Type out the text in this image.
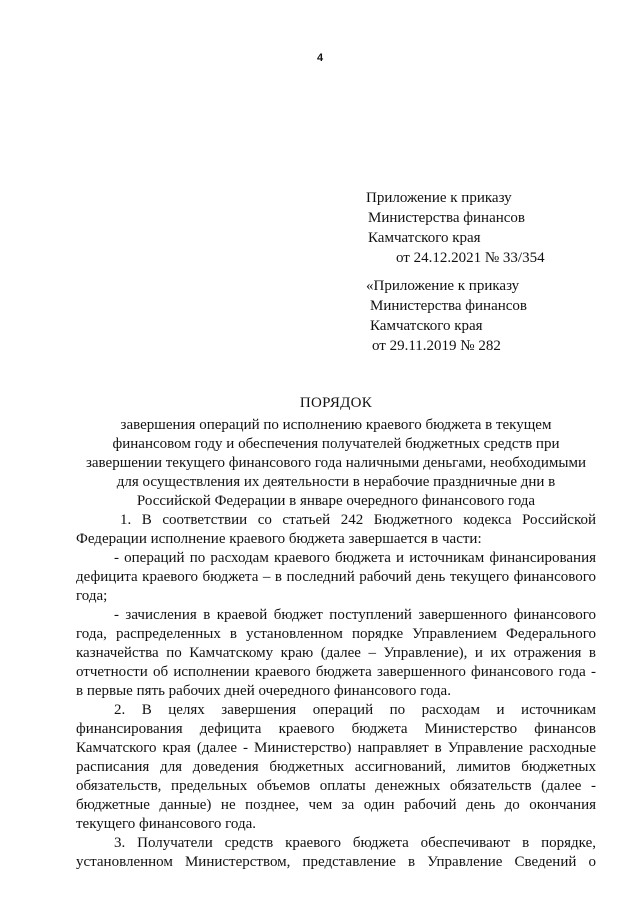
4
Приложение к приказу
Министерства финансов
Камчатского края
от 24.12.2021 № 33/354
«Приложение к приказу
Министерства финансов
Камчатского края
от 29.11.2019 № 282
ПОРЯДОК
завершения операций по исполнению краевого бюджета в текущем
финансовом году и обеспечения получателей бюджетных средств при
завершении текущего финансового года наличными деньгами, необходимыми
для осуществления их деятельности в нерабочие праздничные дни в
Российской Федерации в январе очередного финансового года
1. В соответствии со статьей 242 Бюджетного кодекса Российской
Федерации исполнение краевого бюджета завершается в части:
- операций по расходам краевого бюджета и источникам финансирования
дефицита краевого бюджета – в последний рабочий день текущего финансового
года;
- зачисления в краевой бюджет поступлений завершенного финансового
года, распределенных в установленном порядке Управлением Федерального
казначейства по Камчатскому краю (далее – Управление), и их отражения в
отчетности об исполнении краевого бюджета завершенного финансового года -
в первые пять рабочих дней очередного финансового года.
2. В целях завершения операций по расходам и источникам
финансирования дефицита краевого бюджета Министерство финансов
Камчатского края (далее - Министерство) направляет в Управление расходные
расписания для доведения бюджетных ассигнований, лимитов бюджетных
обязательств, предельных объемов оплаты денежных обязательств (далее -
бюджетные данные) не позднее, чем за один рабочий день до окончания
текущего финансового года.
3. Получатели средств краевого бюджета обеспечивают в порядке,
установленном Министерством, представление в Управление Сведений о
